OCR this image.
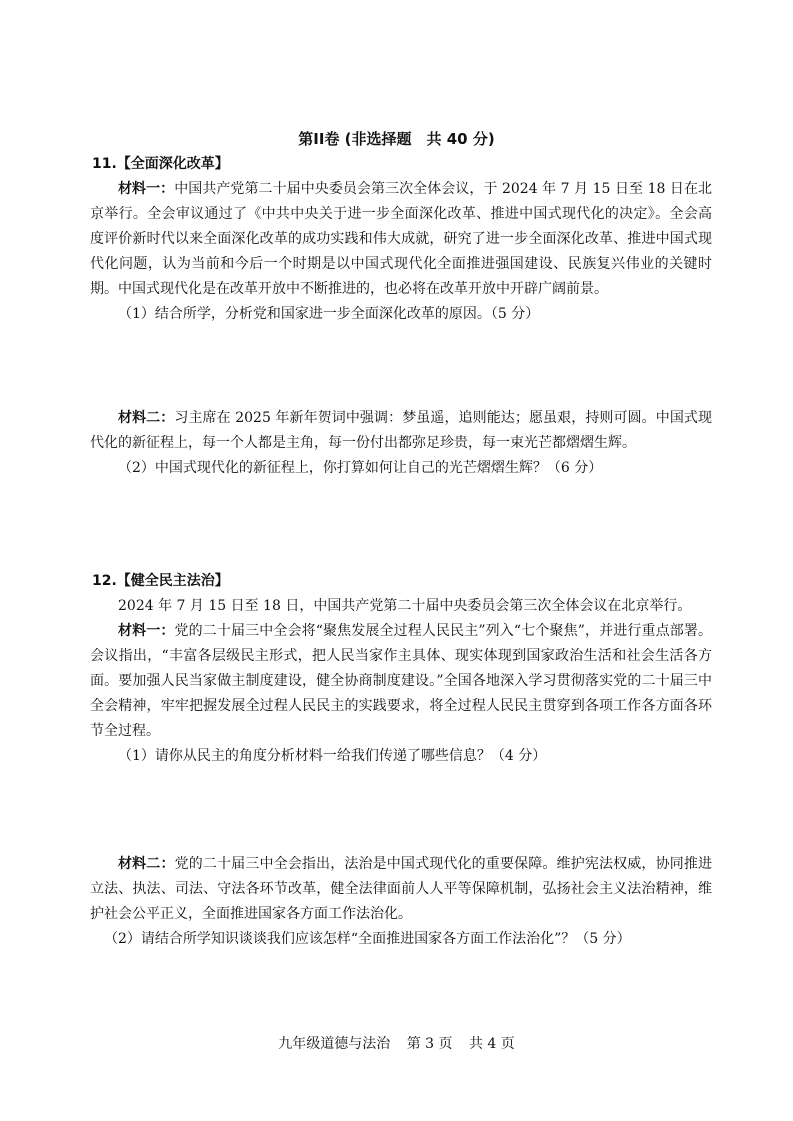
第II卷 (非选择题　共 40 分)
11.【全面深化改革】

材料一：中国共产党第二十届中央委员会第三次全体会议，于 2024 年 7 月 15 日至 18 日在北京举行。全会审议通过了《中共中央关于进一步全面深化改革、推进中国式现代化的决定》。全会高度评价新时代以来全面深化改革的成功实践和伟大成就，研究了进一步全面深化改革、推进中国式现代化问题，认为当前和今后一个时期是以中国式现代化全面推进强国建设、民族复兴伟业的关键时期。中国式现代化是在改革开放中不断推进的，也必将在改革开放中开辟广阔前景。

（1）结合所学，分析党和国家进一步全面深化改革的原因。（5 分）

材料二：习主席在 2025 年新年贺词中强调：梦虽遥，追则能达；愿虽艰，持则可圆。中国式现代化的新征程上，每一个人都是主角，每一份付出都弥足珍贵，每一束光芒都熠熠生辉。

（2）中国式现代化的新征程上，你打算如何让自己的光芒熠熠生辉？（6 分）

12.【健全民主法治】

2024 年 7 月 15 日至 18 日，中国共产党第二十届中央委员会第三次全体会议在北京举行。

材料一：党的二十届三中全会将“聚焦发展全过程人民民主”列入“七个聚焦”，并进行重点部署。会议指出，“丰富各层级民主形式，把人民当家作主具体、现实体现到国家政治生活和社会生活各方面。要加强人民当家做主制度建设，健全协商制度建设。”全国各地深入学习贯彻落实党的二十届三中全会精神，牢牢把握发展全过程人民民主的实践要求，将全过程人民民主贯穿到各项工作各方面各环节全过程。

（1）请你从民主的角度分析材料一给我们传递了哪些信息？（4 分）

材料二：党的二十届三中全会指出，法治是中国式现代化的重要保障。维护宪法权威，协同推进立法、执法、司法、守法各环节改革，健全法律面前人人平等保障机制，弘扬社会主义法治精神，维护社会公平正义，全面推进国家各方面工作法治化。

（2）请结合所学知识谈谈我们应该怎样“全面推进国家各方面工作法治化”？（5 分）

九年级道德与法治 第 3 页 共 4 页
